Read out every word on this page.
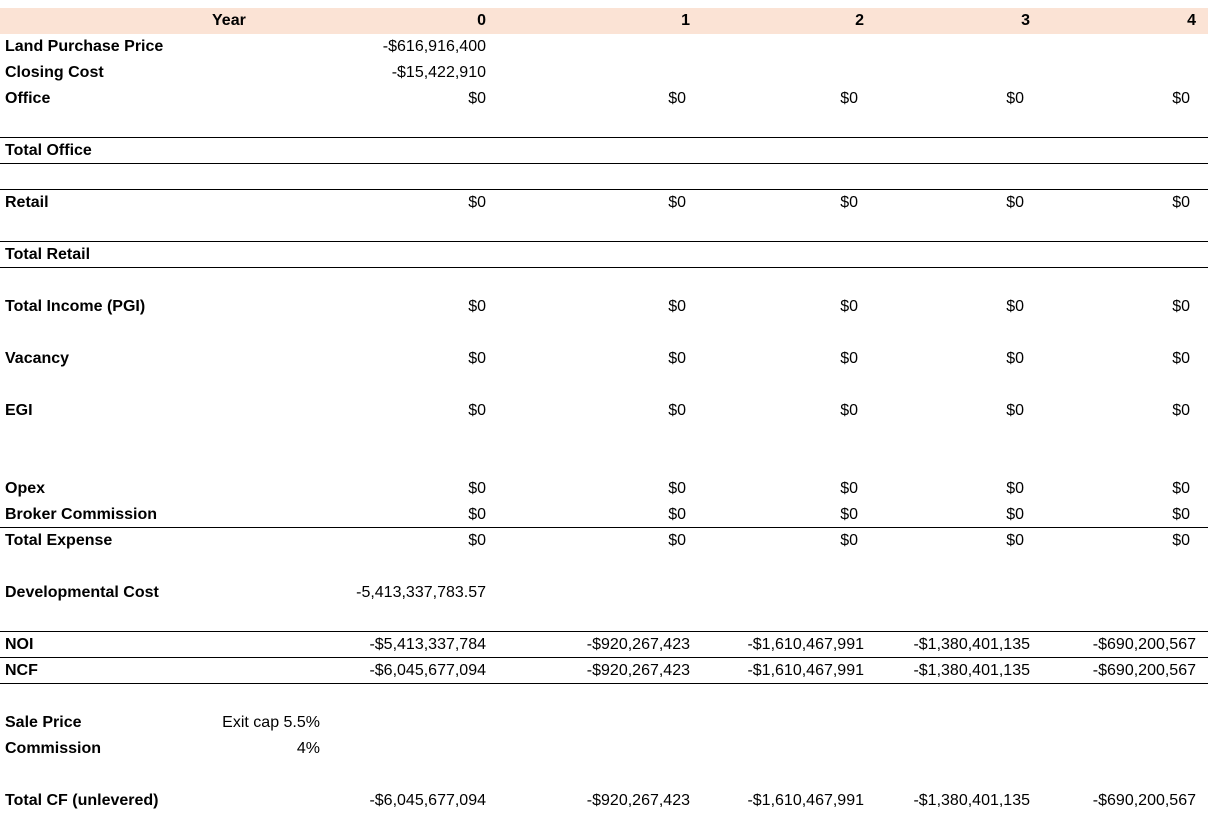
Year	0	1	2	3	4
Land Purchase Price	-$616,916,400
Closing Cost	-$15,422,910
Office	$0	$0	$0	$0	$0
Total Office
Retail	$0	$0	$0	$0	$0
Total Retail
Total Income (PGI)	$0	$0	$0	$0	$0
Vacancy	$0	$0	$0	$0	$0
EGI	$0	$0	$0	$0	$0
Opex	$0	$0	$0	$0	$0
Broker Commission	$0	$0	$0	$0	$0
Total Expense	$0	$0	$0	$0	$0
Developmental Cost	-5,413,337,783.57
NOI	-$5,413,337,784	-$920,267,423	-$1,610,467,991	-$1,380,401,135	-$690,200,567
NCF	-$6,045,677,094	-$920,267,423	-$1,610,467,991	-$1,380,401,135	-$690,200,567
Sale Price	Exit cap 5.5%
Commission	4%
Total CF (unlevered)	-$6,045,677,094	-$920,267,423	-$1,610,467,991	-$1,380,401,135	-$690,200,567
